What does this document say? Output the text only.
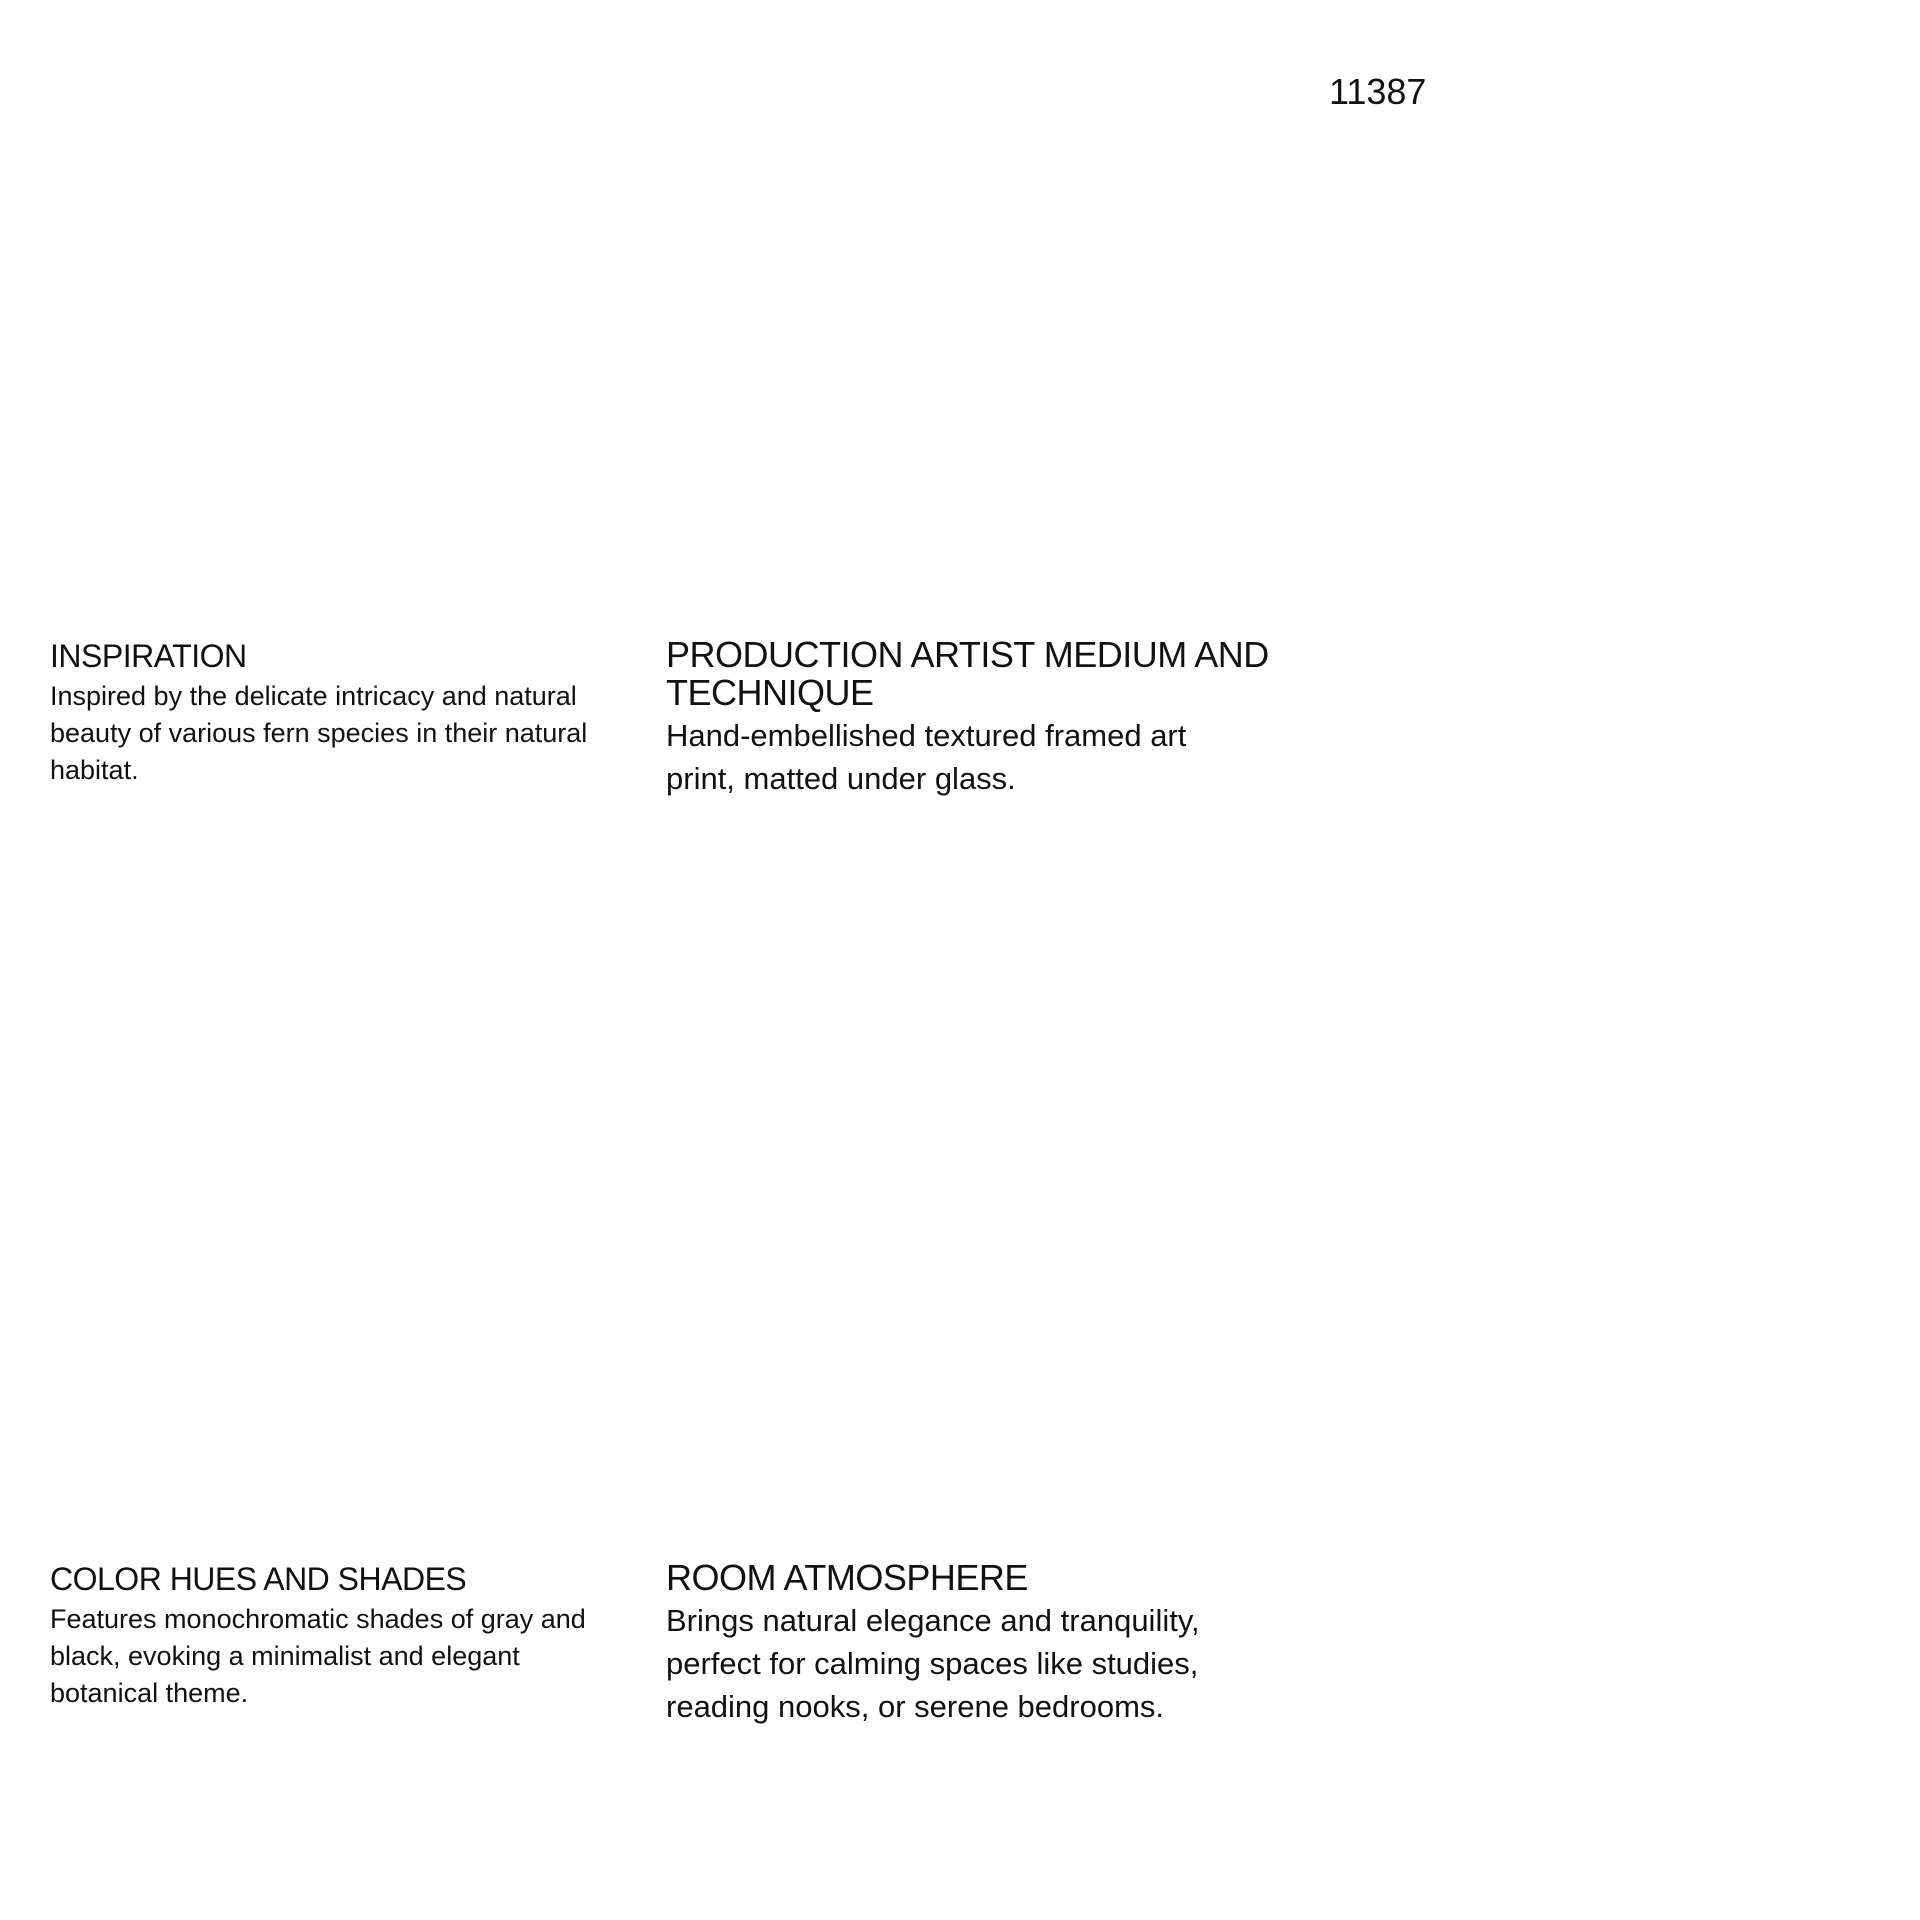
11387
INSPIRATION

Inspired by the delicate intricacy and natural
beauty of various fern species in their natural
habitat.

PRODUCTION ARTIST MEDIUM AND TECHNIQUE

Hand-embellished textured framed art
print, matted under glass.

COLOR HUES AND SHADES

Features monochromatic shades of gray and
black, evoking a minimalist and elegant
botanical theme.

ROOM ATMOSPHERE

Brings natural elegance and tranquility,
perfect for calming spaces like studies,
reading nooks, or serene bedrooms.
